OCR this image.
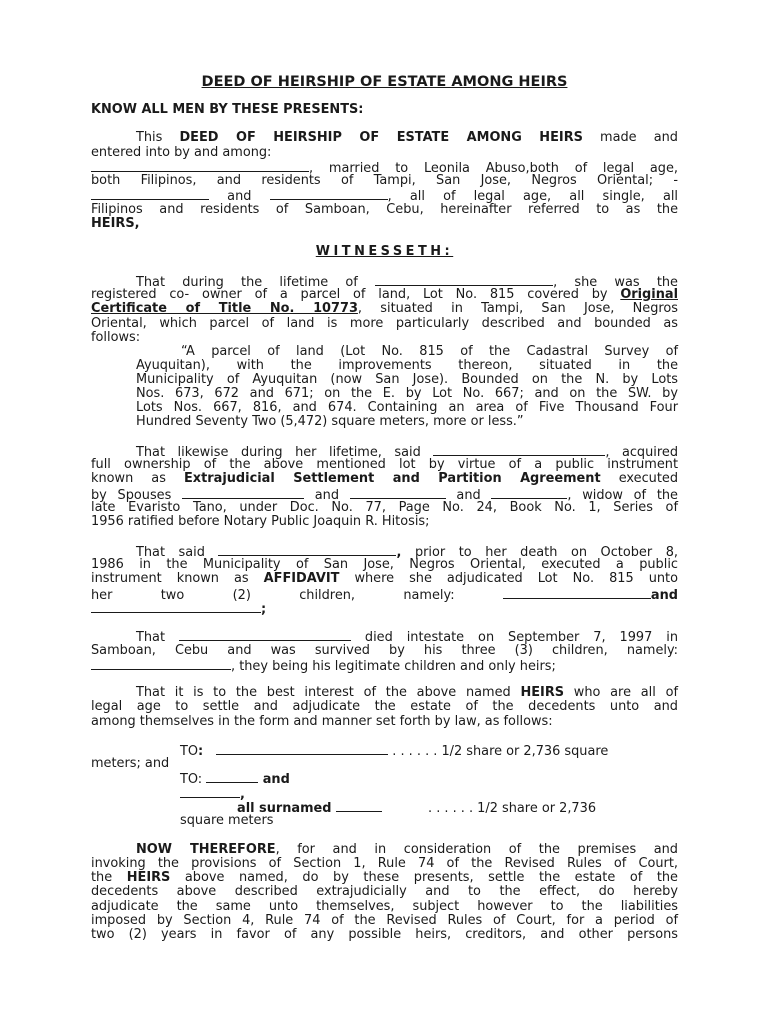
DEED OF HEIRSHIP OF ESTATE AMONG HEIRS
KNOW ALL MEN BY THESE PRESENTS:
This DEED OF HEIRSHIP OF ESTATE AMONG HEIRS made and
entered into by and among:
, married to Leonila Abuso,both of legal age,
both Filipinos, and residents of Tampi, San Jose, Negros Oriental; -
and	, all of legal age, all single, all
Filipinos and residents of Samboan, Cebu, hereinafter referred to as the
HEIRS,
WITNESSETH:
That during the lifetime of	, she was the
registered co- owner of a parcel of land, Lot No. 815 covered by Original
Certificate of Title No. 10773, situated in Tampi, San Jose, Negros
Oriental, which parcel of land is more particularly described and bounded as
follows:
“A parcel of land (Lot No. 815 of the Cadastral Survey of
Ayuquitan), with the improvements thereon, situated in the
Municipality of Ayuquitan (now San Jose). Bounded on the N. by Lots
Nos. 673, 672 and 671; on the E. by Lot No. 667; and on the SW. by
Lots Nos. 667, 816, and 674. Containing an area of Five Thousand Four
Hundred Seventy Two (5,472) square meters, more or less.”
That likewise during her lifetime, said	, acquired
full ownership of the above mentioned lot by virtue of a public instrument
known as Extrajudicial Settlement and Partition Agreement executed
by Spouses	and	and	, widow of the
late Evaristo Tano, under Doc. No. 77, Page No. 24, Book No. 1, Series of
1956 ratified before Notary Public Joaquin R. Hitosis;
That said	, prior to her death on October 8,
1986 in the Municipality of San Jose, Negros Oriental, executed a public
instrument known as AFFIDAVIT where she adjudicated Lot No. 815 unto
her two (2) children, namely:	and
;
That	died intestate on September 7, 1997 in
Samboan, Cebu and was survived by his three (3) children, namely:
, they being his legitimate children and only heirs;
That it is to the best interest of the above named HEIRS who are all of
legal age to settle and adjudicate the estate of the decedents unto and
among themselves in the form and manner set forth by law, as follows:
TO:	. . . . . . 1/2 share or 2,736 square
meters; and
TO:	and
,
all surnamed	. . . . . . 1/2 share or 2,736
square meters
NOW THEREFORE, for and in consideration of the premises and
invoking the provisions of Section 1, Rule 74 of the Revised Rules of Court,
the HEIRS above named, do by these presents, settle the estate of the
decedents above described extrajudicially and to the effect, do hereby
adjudicate the same unto themselves, subject however to the liabilities
imposed by Section 4, Rule 74 of the Revised Rules of Court, for a period of
two (2) years in favor of any possible heirs, creditors, and other persons
